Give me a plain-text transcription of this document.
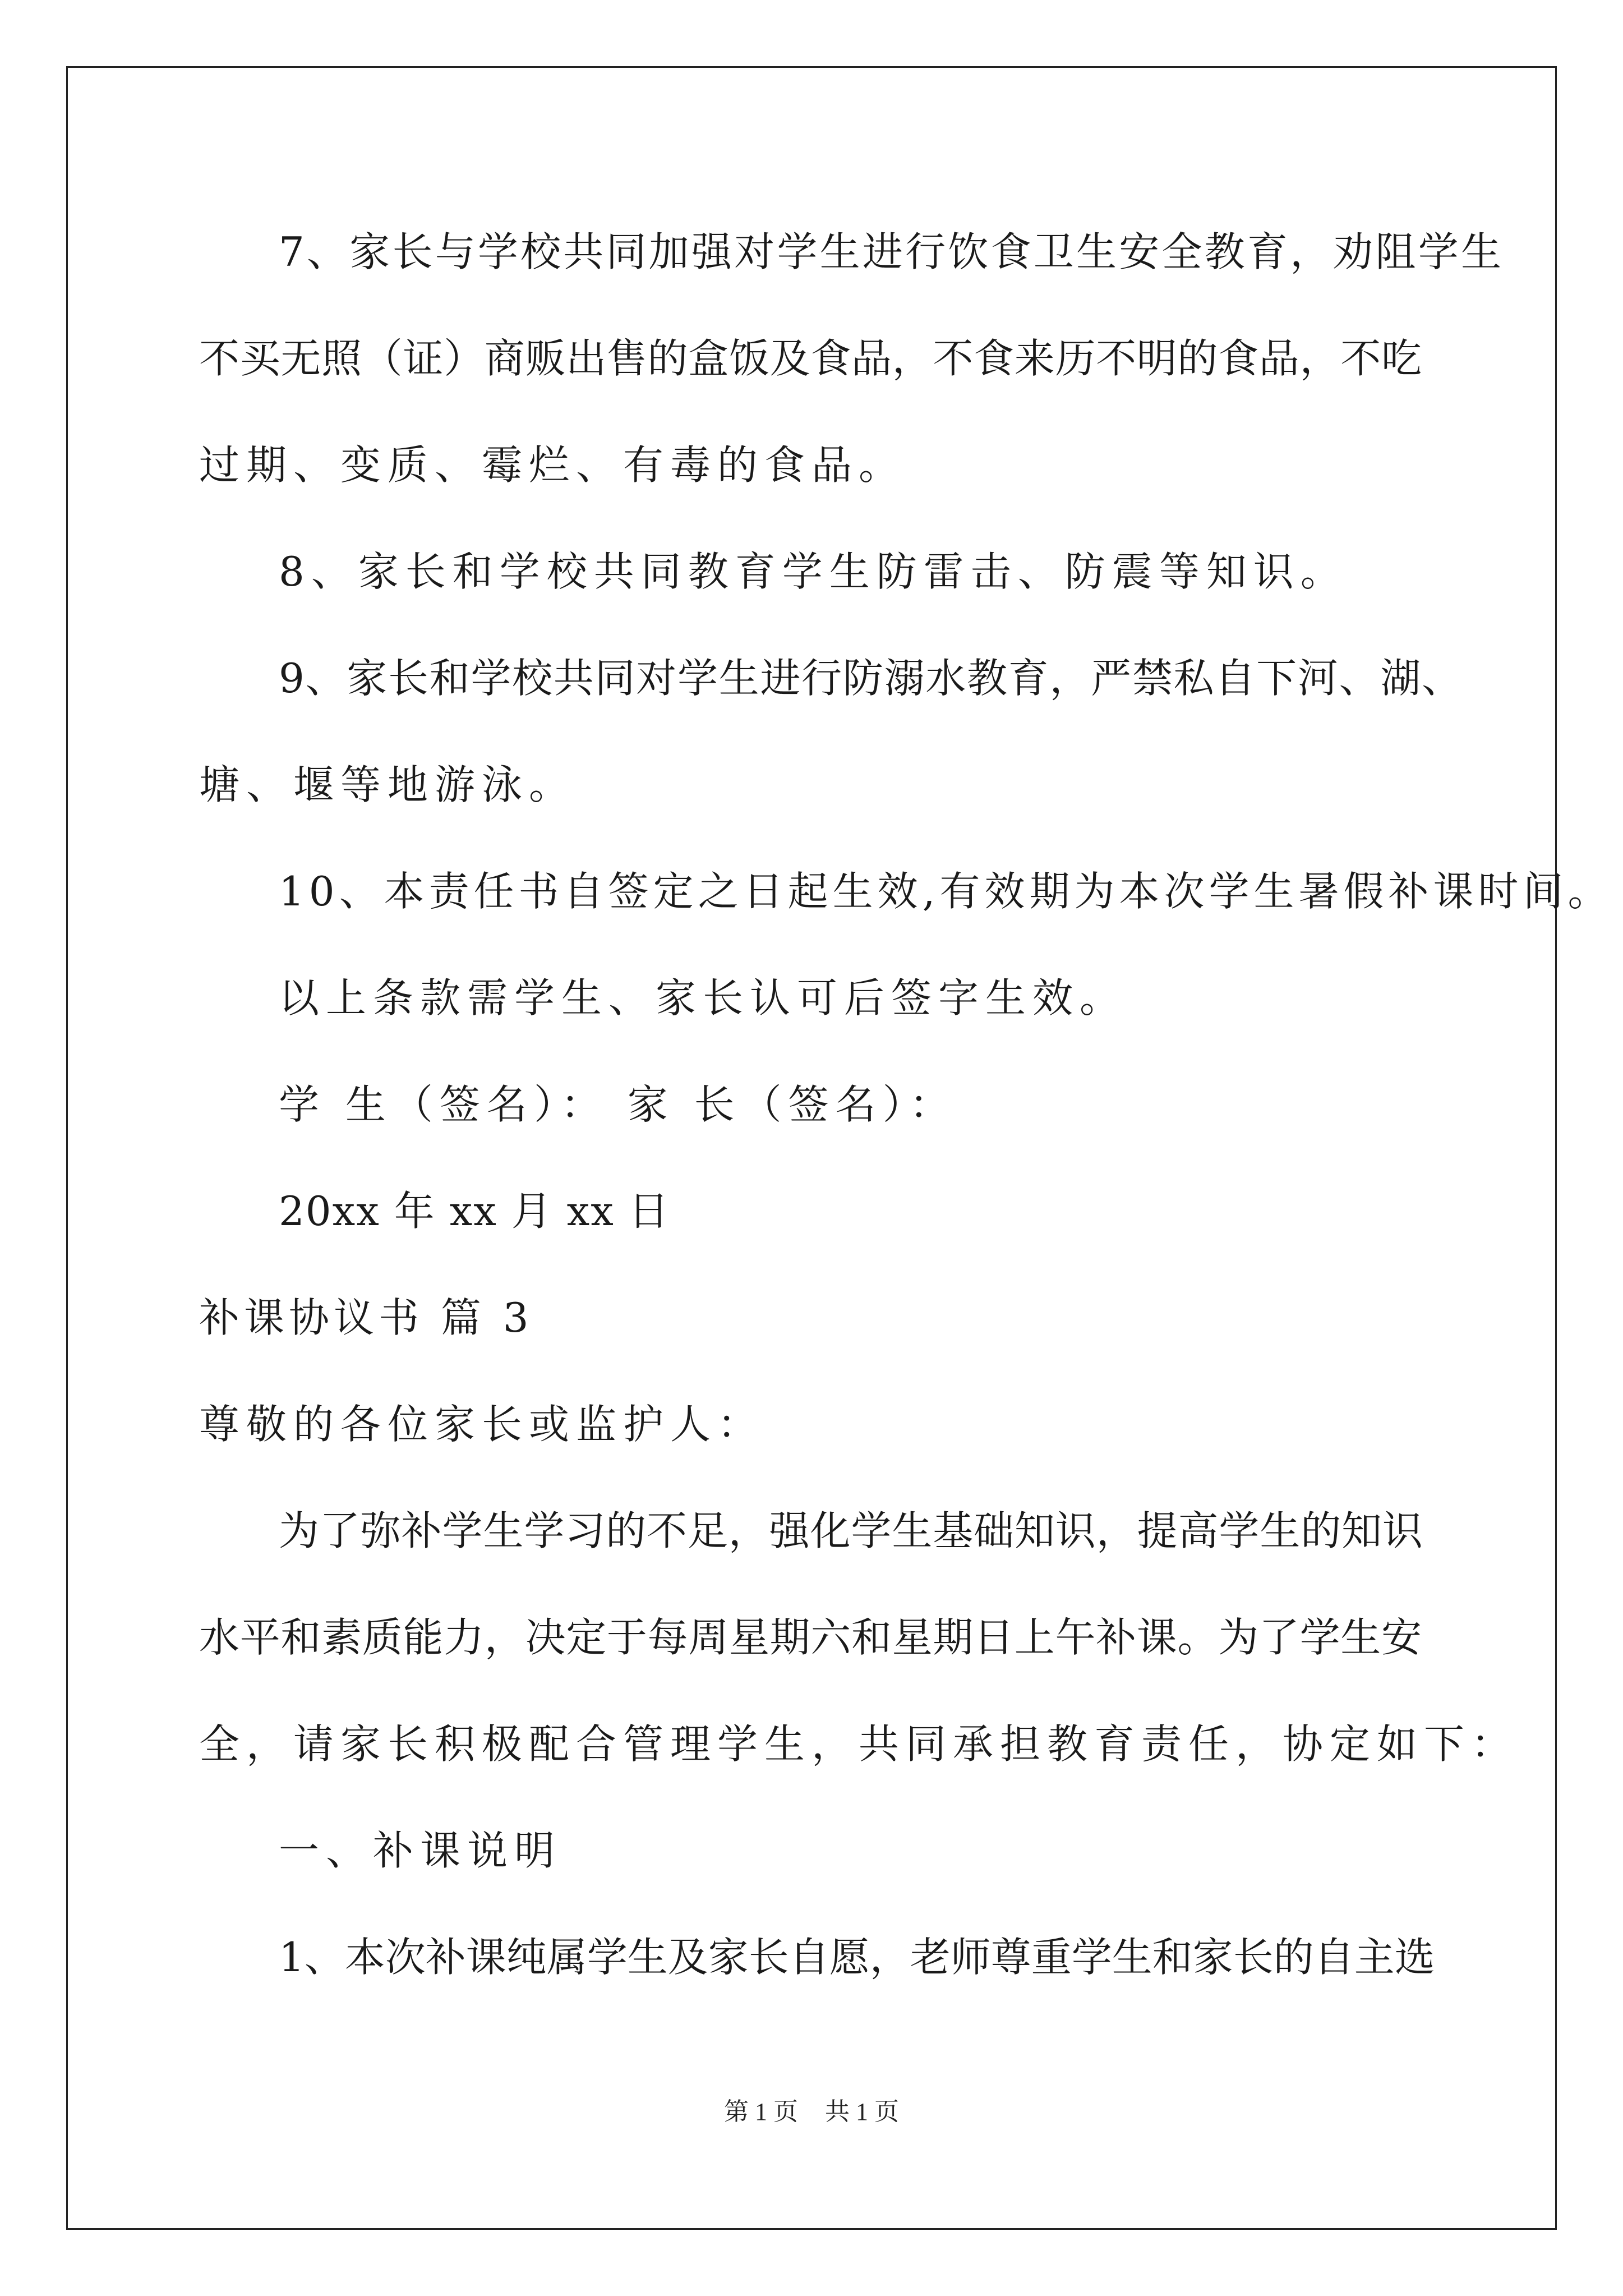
7、家长与学校共同加强对学生进行饮食卫生安全教育，劝阻学生
不买无照（证）商贩出售的盒饭及食品，不食来历不明的食品，不吃
过期、变质、霉烂、有毒的食品。
8、家长和学校共同教育学生防雷击、防震等知识。
9、家长和学校共同对学生进行防溺水教育，严禁私自下河、湖、
塘、堰等地游泳。
10、本责任书自签定之日起生效,有效期为本次学生暑假补课时间。
以上条款需学生、家长认可后签字生效。
学 生（签名）： 家 长（签名）：
20xx 年 xx 月 xx 日
补课协议书 篇 3
尊敬的各位家长或监护人：
为了弥补学生学习的不足，强化学生基础知识，提高学生的知识
水平和素质能力，决定于每周星期六和星期日上午补课。为了学生安
全，请家长积极配合管理学生，共同承担教育责任，协定如下：
一、补课说明
1、本次补课纯属学生及家长自愿，老师尊重学生和家长的自主选
第 1 页 共 1 页
